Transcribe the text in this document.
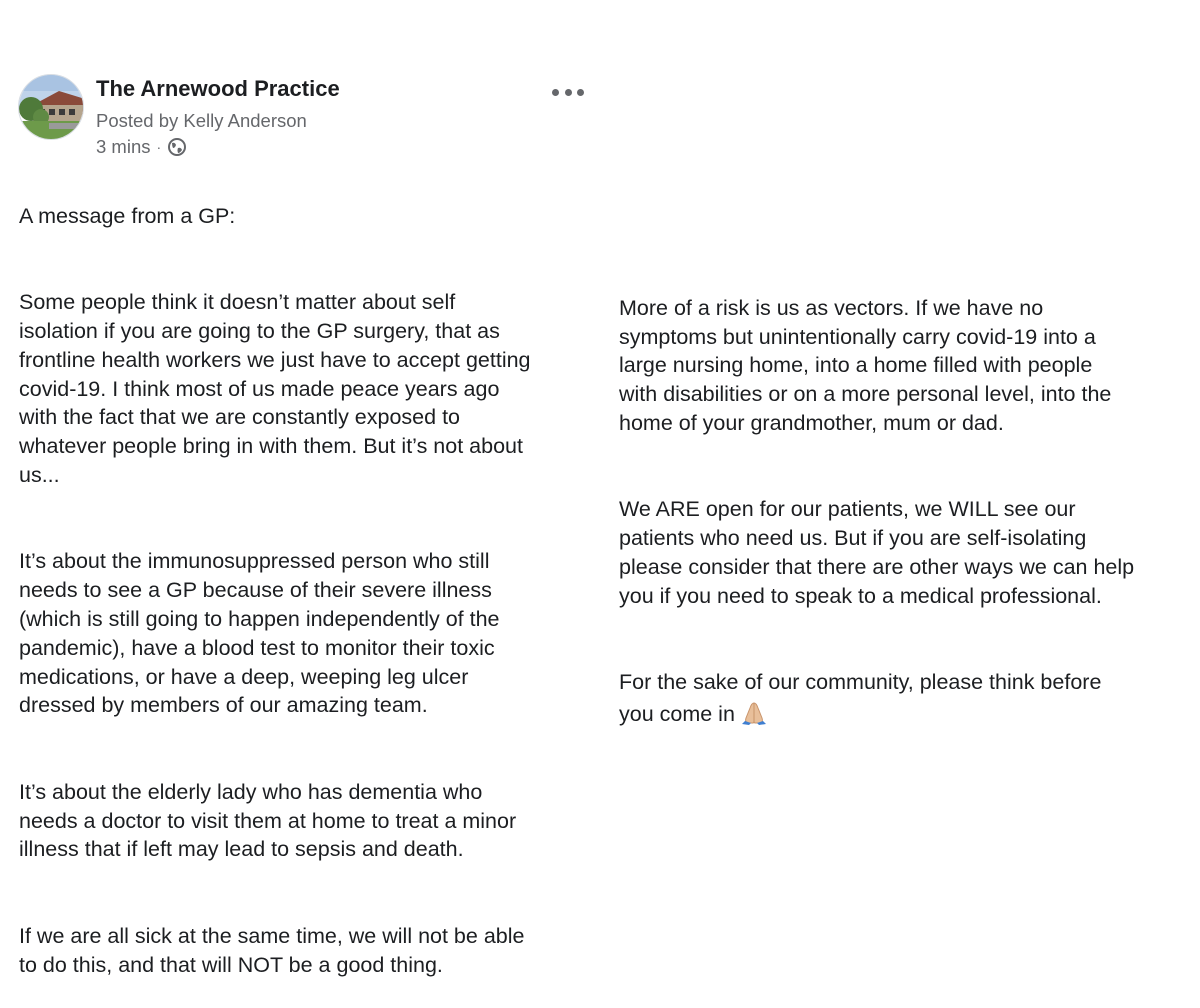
The Arnewood Practice
Posted by Kelly Anderson
3 mins ·

A message from a GP:

Some people think it doesn’t matter about self
isolation if you are going to the GP surgery, that as
frontline health workers we just have to accept getting
covid-19. I think most of us made peace years ago
with the fact that we are constantly exposed to
whatever people bring in with them. But it’s not about
us...

It’s about the immunosuppressed person who still
needs to see a GP because of their severe illness
(which is still going to happen independently of the
pandemic), have a blood test to monitor their toxic
medications, or have a deep, weeping leg ulcer
dressed by members of our amazing team.

It’s about the elderly lady who has dementia who
needs a doctor to visit them at home to treat a minor
illness that if left may lead to sepsis and death.

If we are all sick at the same time, we will not be able
to do this, and that will NOT be a good thing.

More of a risk is us as vectors. If we have no
symptoms but unintentionally carry covid-19 into a
large nursing home, into a home filled with people
with disabilities or on a more personal level, into the
home of your grandmother, mum or dad.

We ARE open for our patients, we WILL see our
patients who need us. But if you are self-isolating
please consider that there are other ways we can help
you if you need to speak to a medical professional.

For the sake of our community, please think before
you come in
